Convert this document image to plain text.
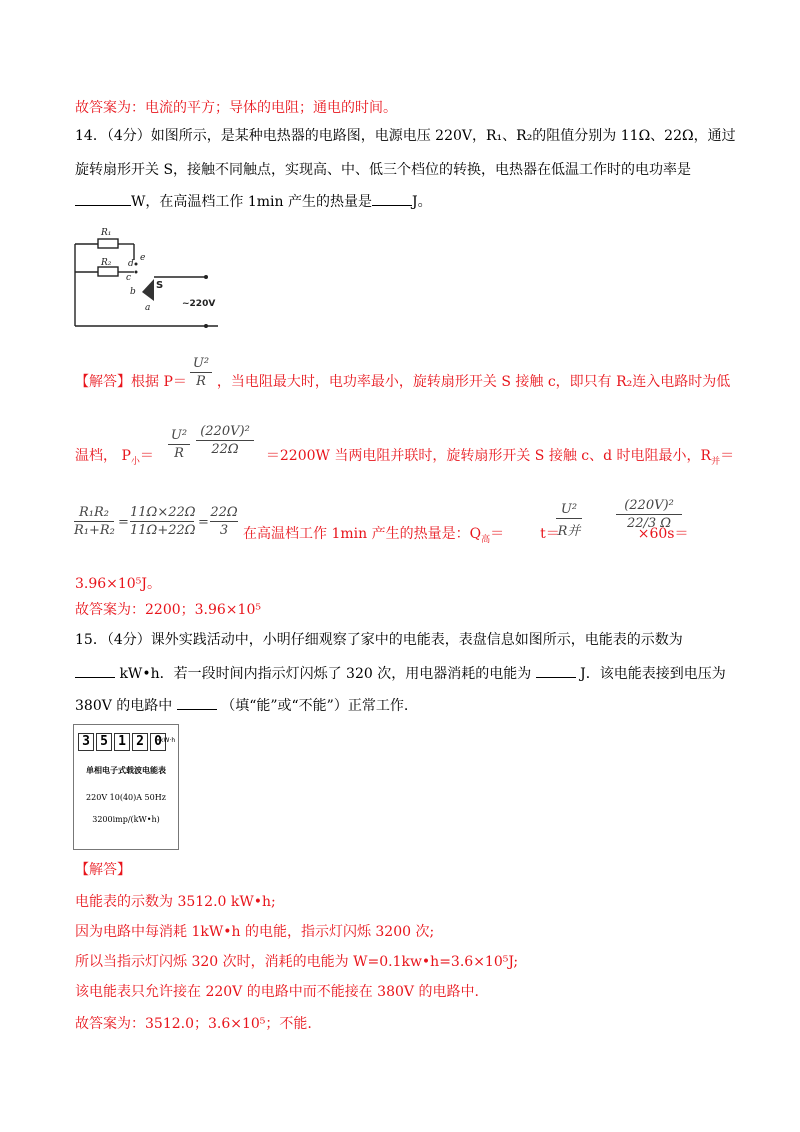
故答案为：电流的平方；导体的电阻；通电的时间。
14．（4分）如图所示，是某种电热器的电路图，电源电压 220V，R₁、R₂的阻值分别为 11Ω、22Ω，通过
旋转扇形开关 S，接触不同触点，实现高、中、低三个档位的转换，电热器在低温工作时的电功率是
W，在高温档工作 1min 产生的热量是	J。
R₁
R₂ d
e
c
b
a
S
~220V
【解答】根据 P＝ ，当电阻最大时，电功率最小，旋转扇形开关 S 接触 c，即只有 R₂连入电路时为低
U²
R
温档， $P_小=$	＝2200W 当两电阻并联时，旋转扇形开关 S 接触 c、d 时电阻最小，$R_并=$
U²
R
(220V)²
22Ω
在高温档工作 1min 产生的热量是：$Q_高=$	t＝	×60s＝
R₁R₂
R₁+R₂
=
11Ω×22Ω
11Ω+22Ω
=
22Ω
3
U²
R并
(220V)²
22/3 Ω
3.96×10⁵J。
故答案为：2200；3.96×10⁵
15．（4分）课外实践活动中，小明仔细观察了家中的电能表，表盘信息如图所示，电能表的示数为
kW•h．若一段时间内指示灯闪烁了 320 次，用电器消耗的电能为	J．该电能表接到电压为
380V 的电路中	（填“能”或“不能”）正常工作.
3 5 1 2 0
kW·h
单相电子式载波电能表
220V 10(40)A 50Hz
3200imp/(kW•h)
【解答】
电能表的示数为 3512.0 kW•h;
因为电路中每消耗 1kW•h 的电能，指示灯闪烁 3200 次;
所以当指示灯闪烁 320 次时，消耗的电能为 W=0.1kw•h=3.6×10⁵J;
该电能表只允许接在 220V 的电路中而不能接在 380V 的电路中.
故答案为：3512.0；3.6×10⁵；不能.
